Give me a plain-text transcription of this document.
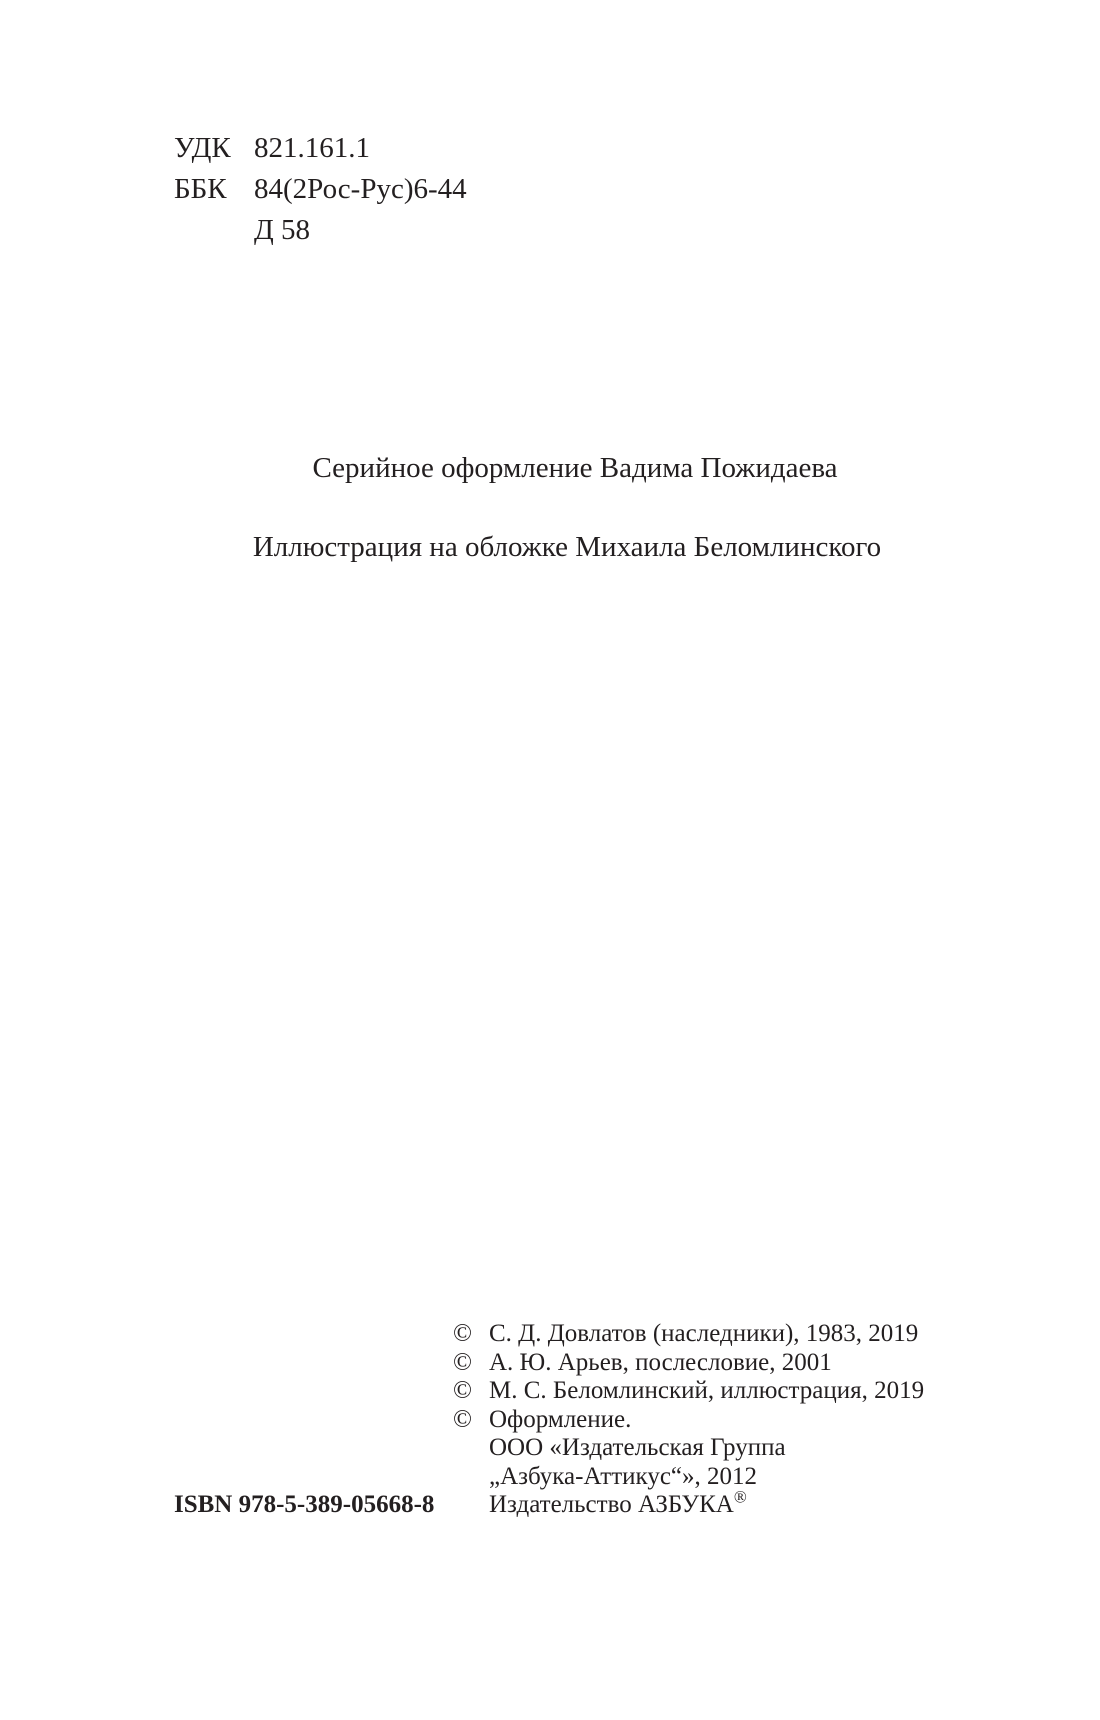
УДК 821.161.1
ББК 84(2Рос-Рус)6-44
Д 58
Серийное оформление Вадима Пожидаева
Иллюстрация на обложке Михаила Беломлинского
© С. Д. Довлатов (наследники), 1983, 2019
© А. Ю. Арьев, послесловие, 2001
© М. С. Беломлинский, иллюстрация, 2019
© Оформление.
ООО «Издательская Группа
„Азбука-Аттикус“», 2012
Издательство АЗБУКА®
ISBN 978-5-389-05668-8
